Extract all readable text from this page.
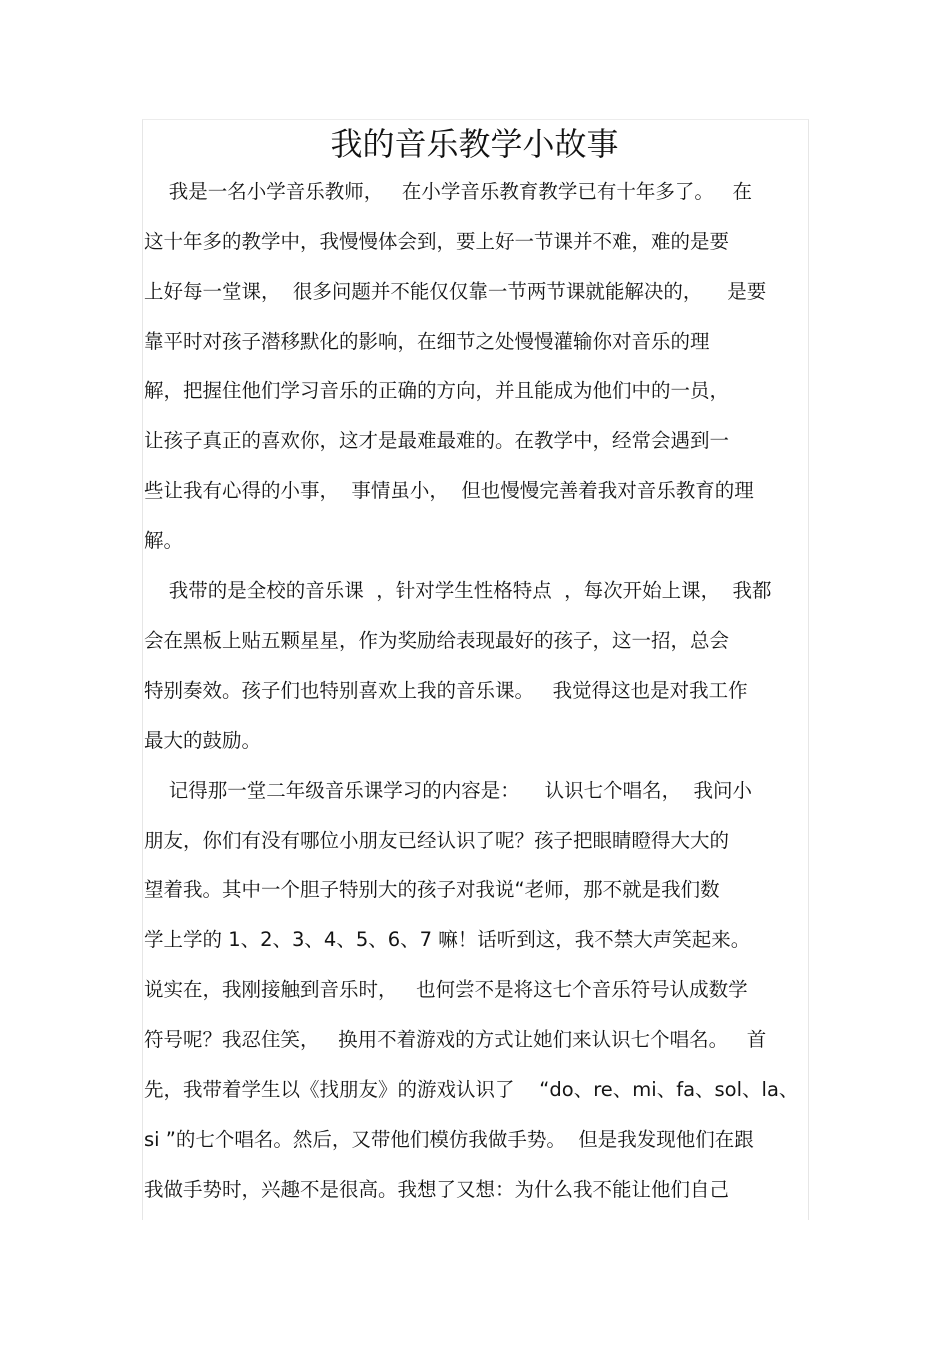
我的音乐教学小故事
我是一名小学音乐教师，   在小学音乐教育教学已有十年多了。   在
这十年多的教学中，我慢慢体会到，要上好一节课并不难，难的是要
上好每一堂课，  很多问题并不能仅仅靠一节两节课就能解决的，    是要
靠平时对孩子潜移默化的影响，在细节之处慢慢灌输你对音乐的理
解，把握住他们学习音乐的正确的方向，并且能成为他们中的一员，
让孩子真正的喜欢你，这才是最难最难的。在教学中，经常会遇到一
些让我有心得的小事，  事情虽小，  但也慢慢完善着我对音乐教育的理
解。
我带的是全校的音乐课  ，针对学生性格特点  ，每次开始上课，  我都
会在黑板上贴五颗星星，作为奖励给表现最好的孩子，这一招，总会
特别奏效。孩子们也特别喜欢上我的音乐课。   我觉得这也是对我工作
最大的鼓励。
记得那一堂二年级音乐课学习的内容是：    认识七个唱名，  我问小
朋友，你们有没有哪位小朋友已经认识了呢？孩子把眼睛瞪得大大的
望着我。其中一个胆子特别大的孩子对我说“老师，那不就是我们数
学上学的 1、2、3、4、5、6、7 嘛！话听到这，我不禁大声笑起来。
说实在，我刚接触到音乐时，   也何尝不是将这七个音乐符号认成数学
符号呢？我忍住笑，   换用不着游戏的方式让她们来认识七个唱名。   首
先，我带着学生以《找朋友》的游戏认识了    “do、re、mi、fa、sol、la、
si ”的七个唱名。然后，又带他们模仿我做手势。  但是我发现他们在跟
我做手势时，兴趣不是很高。我想了又想：为什么我不能让他们自己
